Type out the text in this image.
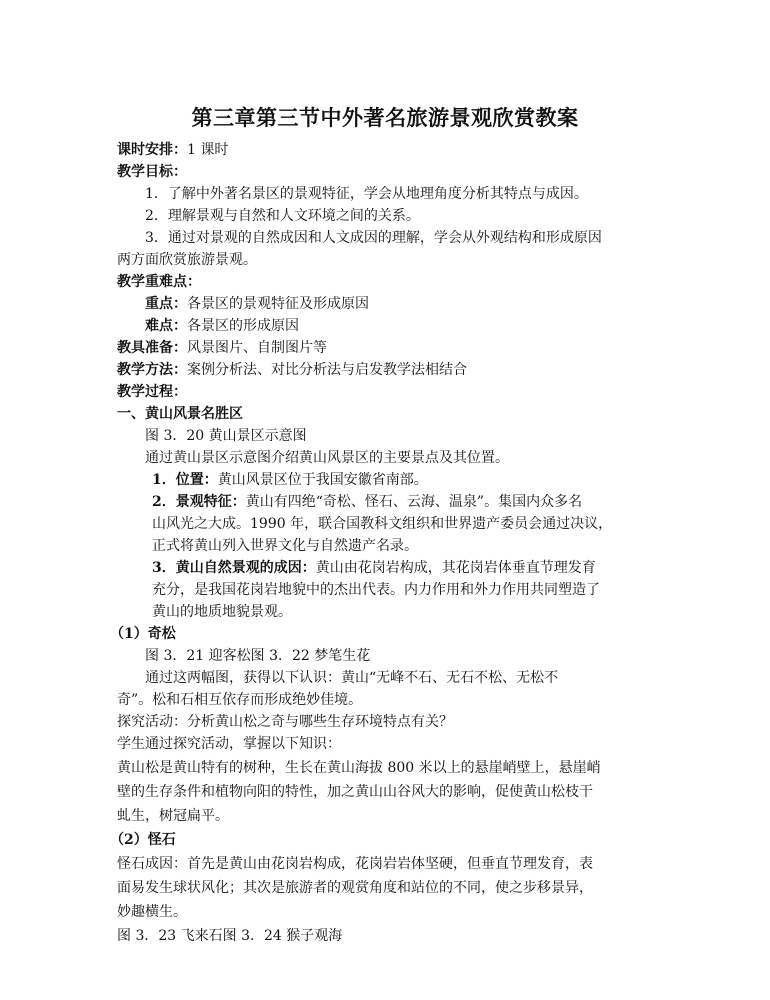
第三章第三节中外著名旅游景观欣赏教案
课时安排：1 课时
教学目标：
1．了解中外著名景区的景观特征，学会从地理角度分析其特点与成因。
2．理解景观与自然和人文环境之间的关系。
3．通过对景观的自然成因和人文成因的理解，学会从外观结构和形成原因
两方面欣赏旅游景观。
教学重难点：
重点：各景区的景观特征及形成原因
难点：各景区的形成原因
教具准备：风景图片、自制图片等
教学方法：案例分析法、对比分析法与启发教学法相结合
教学过程：
一、黄山风景名胜区
图 3．20 黄山景区示意图
通过黄山景区示意图介绍黄山风景区的主要景点及其位置。
1．位置：黄山风景区位于我国安徽省南部。
2．景观特征：黄山有四绝“奇松、怪石、云海、温泉”。集国内众多名
山风光之大成。1990 年，联合国教科文组织和世界遗产委员会通过决议，
正式将黄山列入世界文化与自然遗产名录。
3．黄山自然景观的成因：黄山由花岗岩构成，其花岗岩体垂直节理发育
充分，是我国花岗岩地貌中的杰出代表。内力作用和外力作用共同塑造了
黄山的地质地貌景观。
（1）奇松
图 3．21 迎客松图 3．22 梦笔生花
通过这两幅图，获得以下认识：黄山“无峰不石、无石不松、无松不
奇”。松和石相互依存而形成绝妙佳境。
探究活动：分析黄山松之奇与哪些生存环境特点有关？
学生通过探究活动，掌握以下知识：
黄山松是黄山特有的树种，生长在黄山海拔 800 米以上的悬崖峭壁上，悬崖峭
壁的生存条件和植物向阳的特性，加之黄山山谷风大的影响，促使黄山松枝干
虬生，树冠扁平。
（2）怪石
怪石成因：首先是黄山由花岗岩构成，花岗岩岩体坚硬，但垂直节理发育，表
面易发生球状风化；其次是旅游者的观赏角度和站位的不同，使之步移景异，
妙趣横生。
图 3．23 飞来石图 3．24 猴子观海
